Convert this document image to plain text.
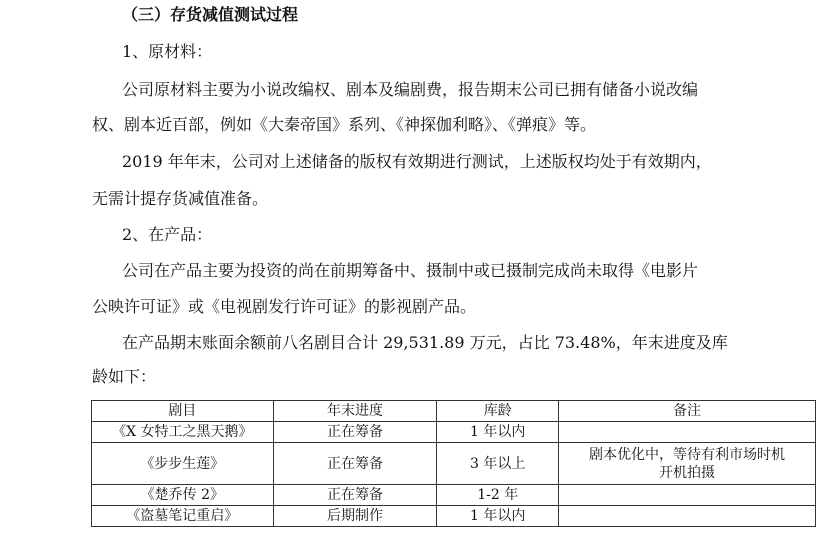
（三）存货减值测试过程
1、原材料：
公司原材料主要为小说改编权、剧本及编剧费，报告期末公司已拥有储备小说改编
权、剧本近百部，例如《大秦帝国》系列、《神探伽利略》、《弹痕》等。
2019 年年末，公司对上述储备的版权有效期进行测试，上述版权均处于有效期内，
无需计提存货减值准备。
2、在产品：
公司在产品主要为投资的尚在前期筹备中、摄制中或已摄制完成尚未取得《电影片
公映许可证》或《电视剧发行许可证》的影视剧产品。
在产品期末账面余额前八名剧目合计 29,531.89 万元，占比 73.48%，年末进度及库
龄如下：
剧目	年末进度	库龄	备注
《X 女特工之黑天鹅》	正在筹备	1 年以内	
《步步生莲》	正在筹备	3 年以上	剧本优化中，等待有利市场时机
开机拍摄

《楚乔传 2》	正在筹备	1-2 年	
《盗墓笔记重启》	后期制作	1 年以内	
